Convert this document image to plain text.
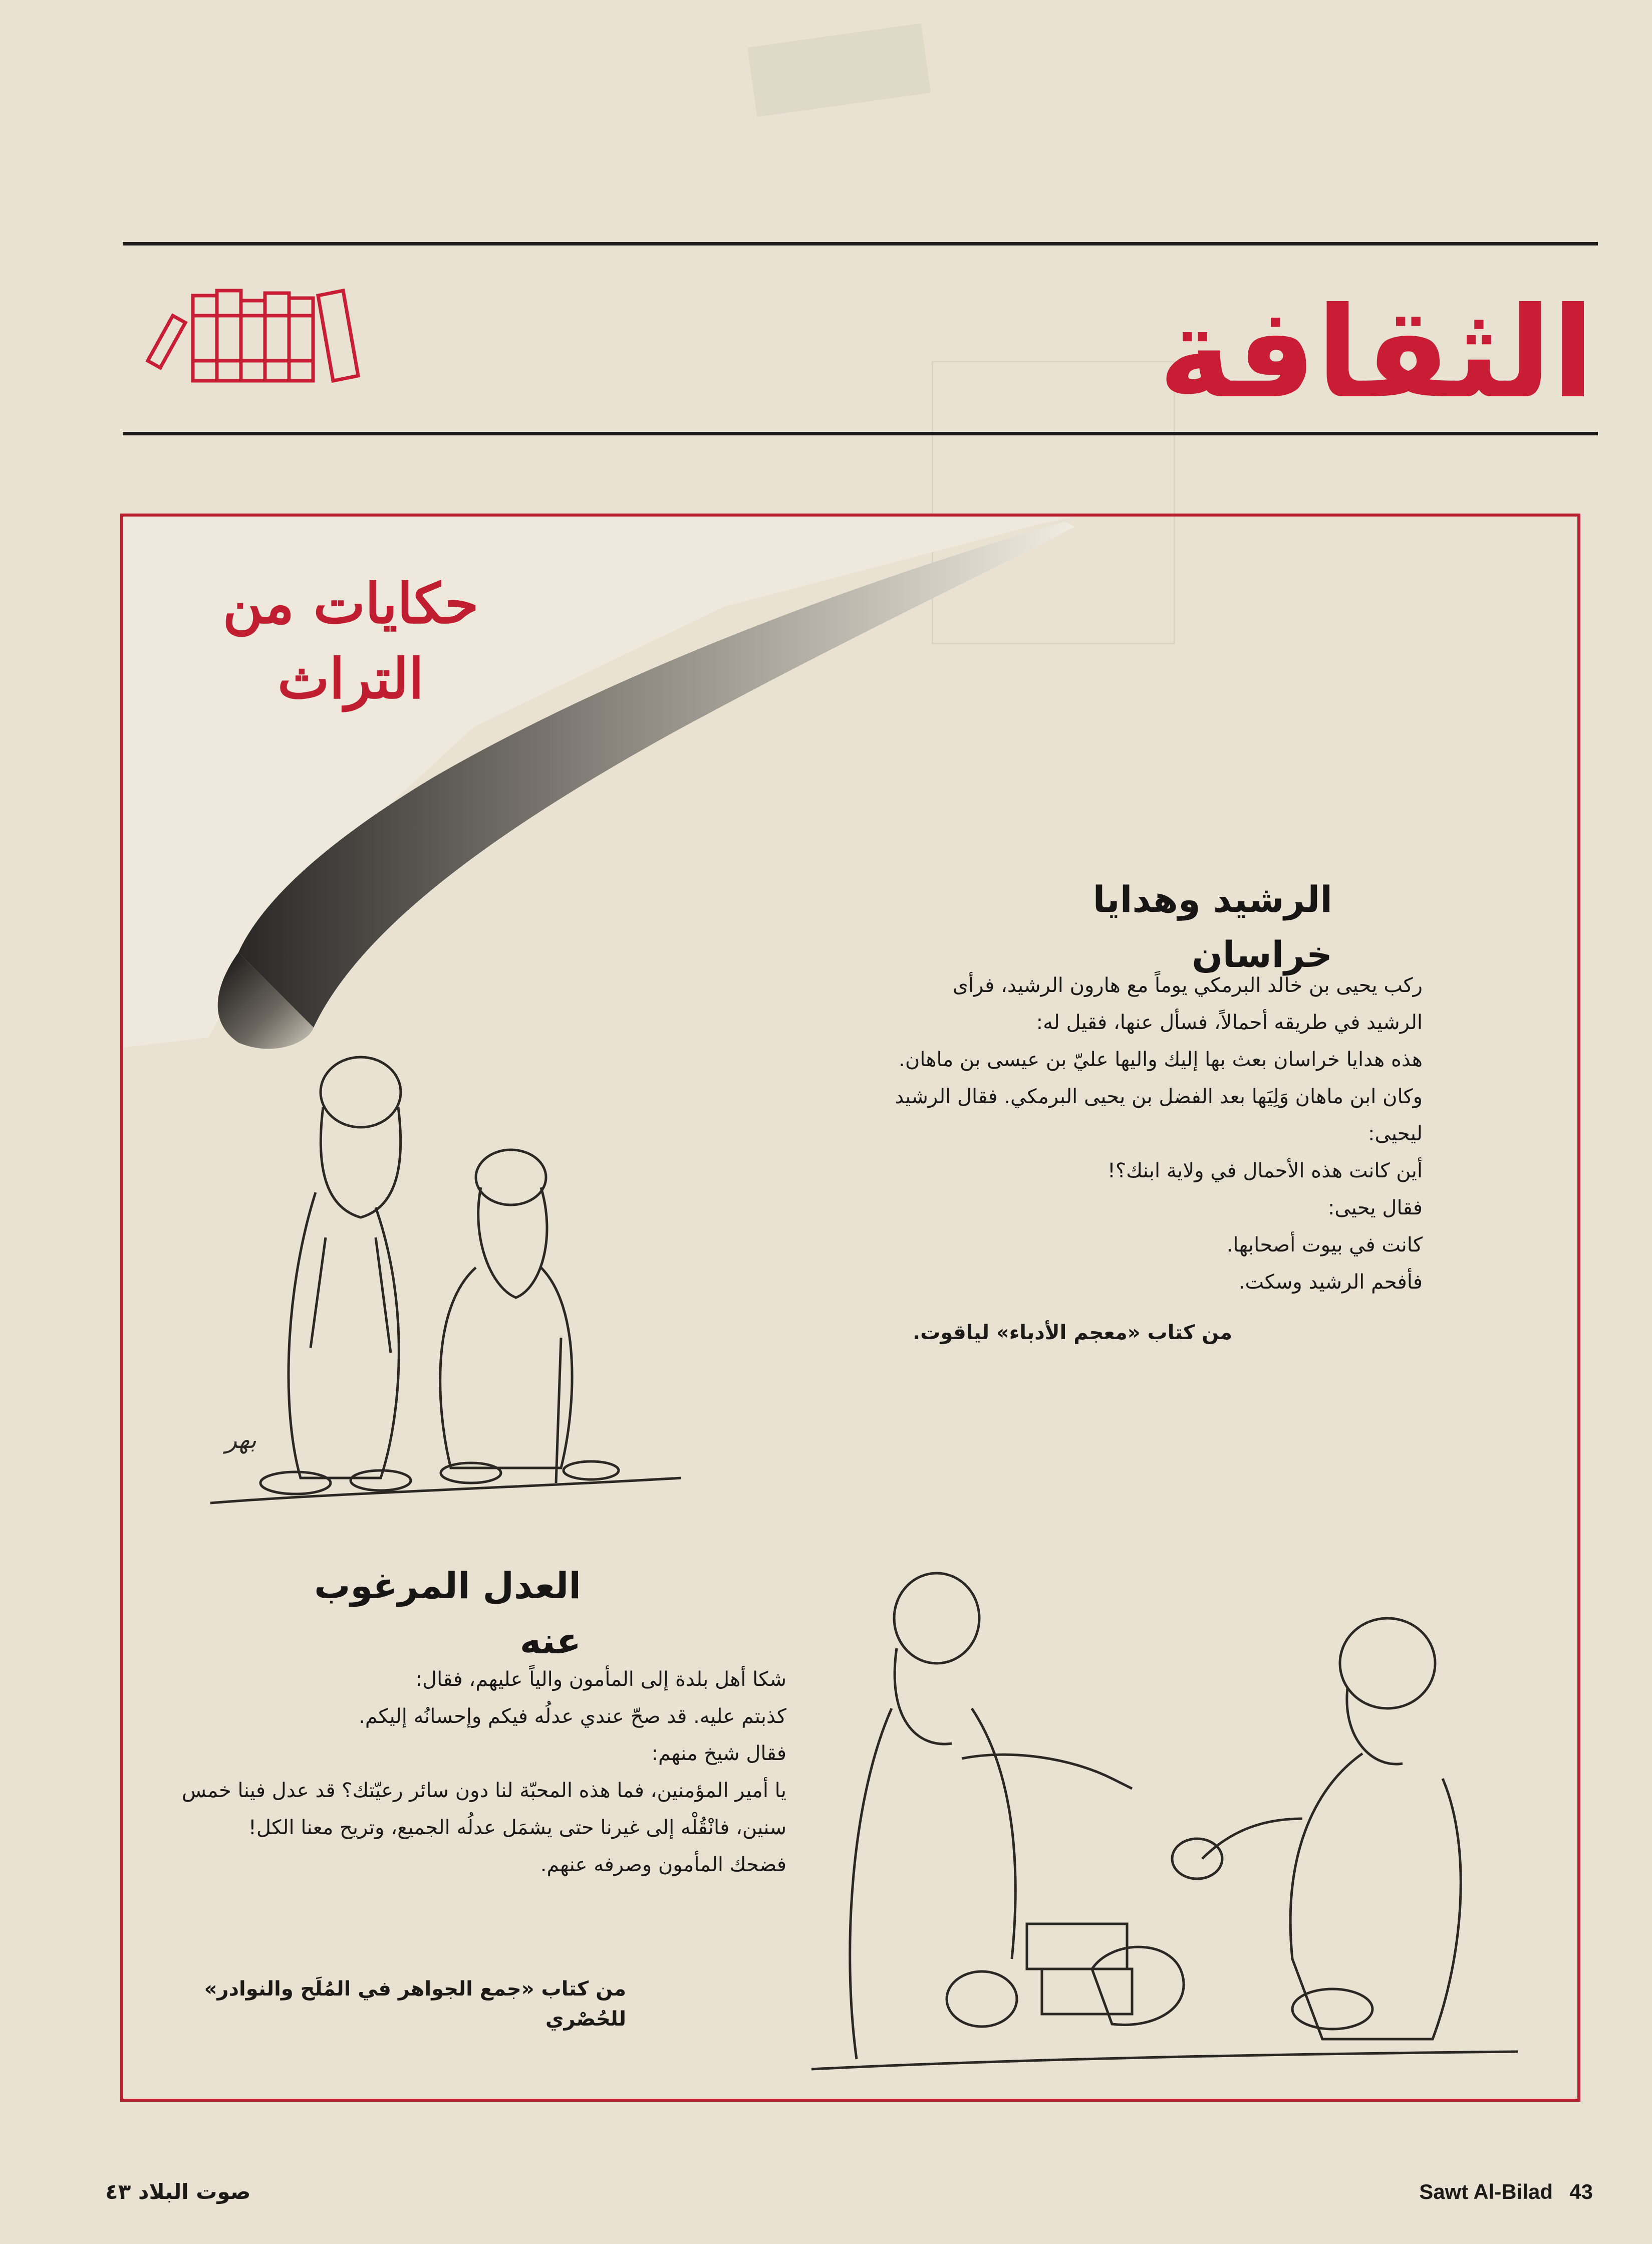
الثقافة
حكايات من التراث
ﺑﻬﺮ
الرشيد وهدايا خراسان

ركب يحيى بن خالد البرمكي يوماً مع هارون الرشيد، فرأى الرشيد في طريقه أحمالاً، فسأل عنها، فقيل له:

هذه هدايا خراسان بعث بها إليك واليها عليّ بن عيسى بن ماهان.

وكان ابن ماهان وَلِيَها بعد الفضل بن يحيى البرمكي. فقال الرشيد ليحيى:

أين كانت هذه الأحمال في ولاية ابنك؟!

فقال يحيى:

كانت في بيوت أصحابها.

فأفحم الرشيد وسكت.

من كتاب «معجم الأدباء» لياقوت.
العدل المرغوب عنه

شكا أهل بلدة إلى المأمون والياً عليهم، فقال:

كذبتم عليه. قد صحّ عندي عدلُه فيكم وإحسانُه إليكم.

فقال شيخ منهم:

يا أمير المؤمنين، فما هذه المحبّة لنا دون سائر رعيّتك؟ قد عدل فينا خمس سنين، فانْقُلْه إلى غيرنا حتى يشمَل عدلُه الجميع، وتريح معنا الكل!

فضحك المأمون وصرفه عنهم.

من كتاب «جمع الجواهر في المُلَح والنوادر» للحُصْري
صوت البلاد ٤٣	Sawt Al-Bilad 43
